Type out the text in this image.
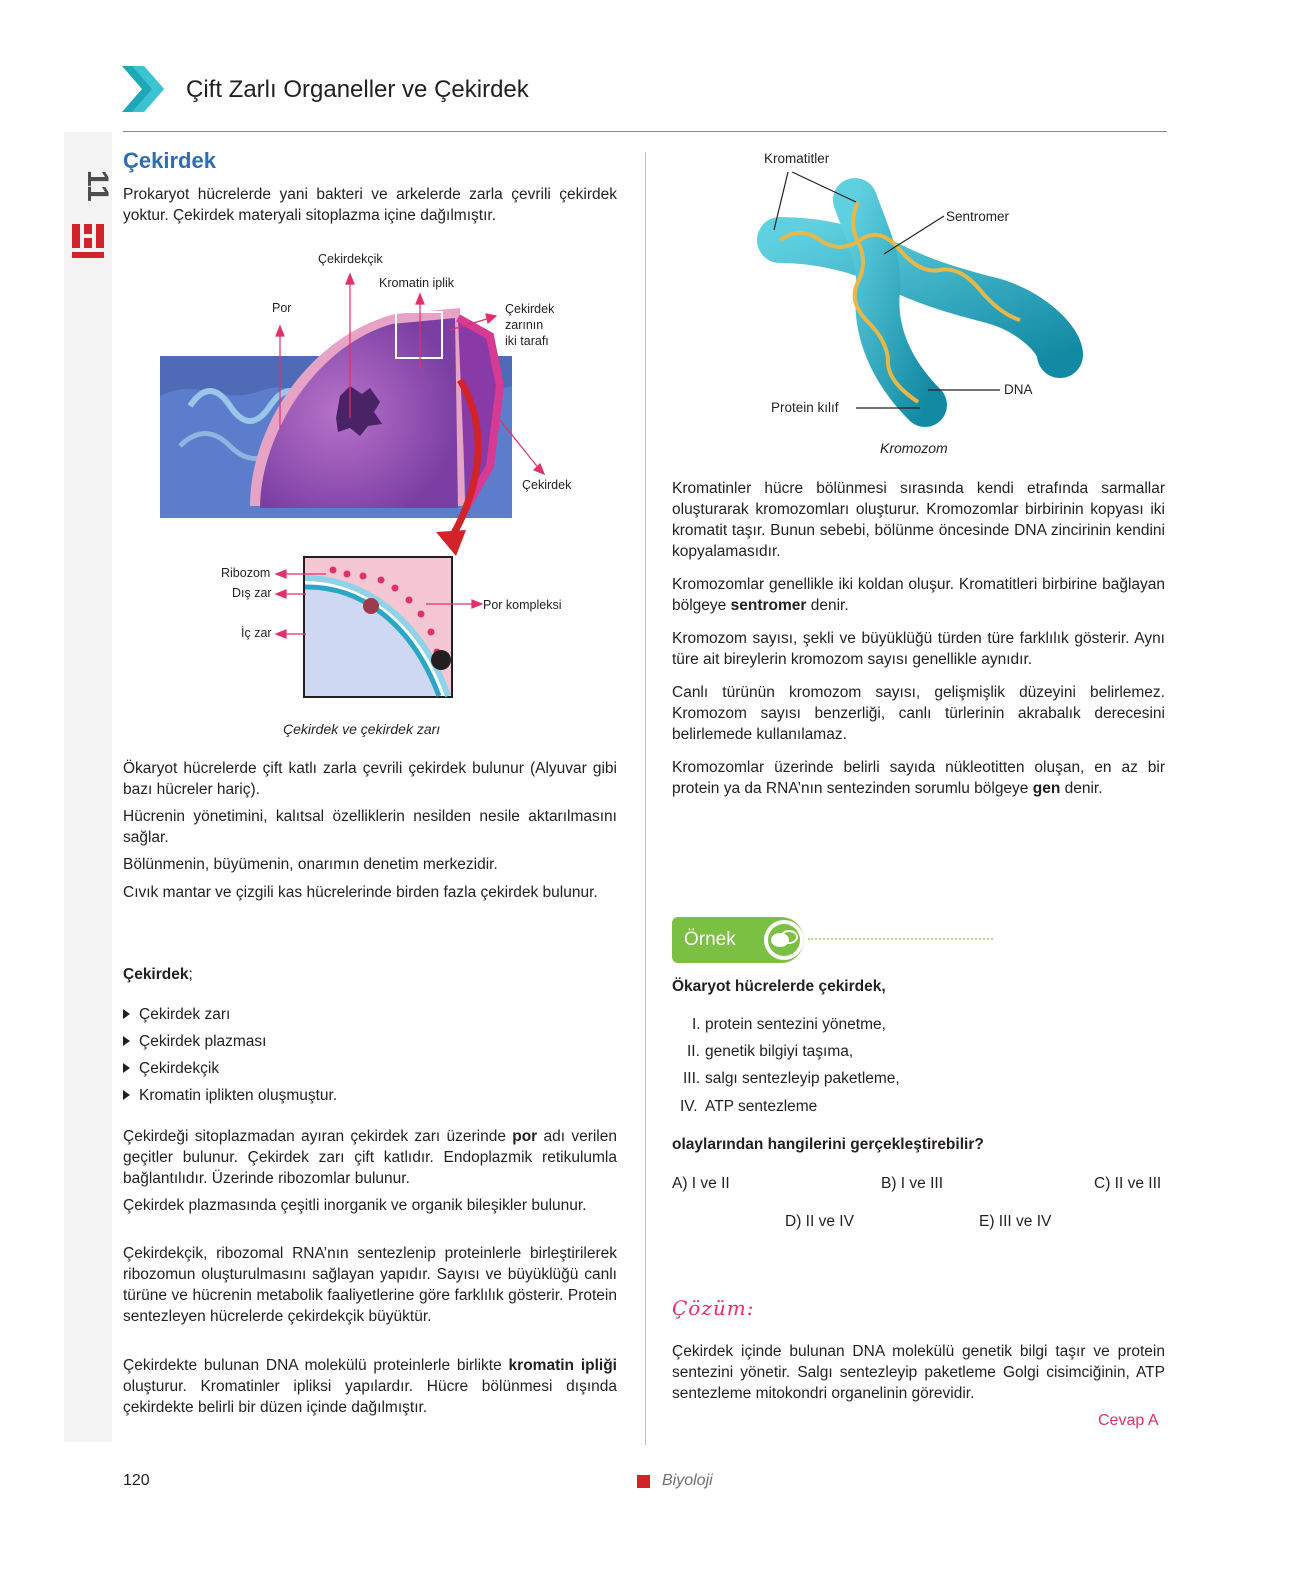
11
Çift Zarlı Organeller ve Çekirdek
Çekirdek

Prokaryot hücrelerde yani bakteri ve arkelerde zarla çevrili çekirdek yoktur. Çekirdek materyali sitoplazma içine dağılmıştır.

Çekirdekçik
Kromatin iplik
Por	Çekirdek
zarının
iki tarafı
Çekirdek
Ribozom
Dış zar
İç zar
Por kompleksi
Çekirdek ve çekirdek zarı

Ökaryot hücrelerde çift katlı zarla çevrili çekirdek bulunur (Alyuvar gibi bazı hücreler hariç).

Hücrenin yönetimini, kalıtsal özelliklerin nesilden nesile aktarılmasını sağlar.

Bölünmenin, büyümenin, onarımın denetim merkezidir.

Cıvık mantar ve çizgili kas hücrelerinde birden fazla çekirdek bulunur.

Çekirdek;
Çekirdek zarı
Çekirdek plazması
Çekirdekçik
Kromatin iplikten oluşmuştur.

Çekirdeği sitoplazmadan ayıran çekirdek zarı üzerinde por adı verilen geçitler bulunur. Çekirdek zarı çift katlıdır. Endoplazmik retikulumla bağlantılıdır. Üzerinde ribozomlar bulunur.

Çekirdek plazmasında çeşitli inorganik ve organik bileşikler bulunur.

Çekirdekçik, ribozomal RNA’nın sentezlenip proteinlerle birleştirilerek ribozomun oluşturulmasını sağlayan yapıdır. Sayısı ve büyüklüğü canlı türüne ve hücrenin metabolik faaliyetlerine göre farklılık gösterir. Protein sentezleyen hücrelerde çekirdekçik büyüktür.

Çekirdekte bulunan DNA molekülü proteinlerle birlikte kromatin ipliği oluşturur. Kromatinler ipliksi yapılardır. Hücre bölünmesi dışında çekirdekte belirli bir düzen içinde dağılmıştır.

Kromatitler
Sentromer
DNA
Protein kılıf
Kromozom

Kromatinler hücre bölünmesi sırasında kendi etrafında sarmallar oluşturarak kromozomları oluşturur. Kromozomlar birbirinin kopyası iki kromatit taşır. Bunun sebebi, bölünme öncesinde DNA zincirinin kendini kopyalamasıdır.

Kromozomlar genellikle iki koldan oluşur. Kromatitleri birbirine bağlayan bölgeye sentromer denir.

Kromozom sayısı, şekli ve büyüklüğü türden türe farklılık gösterir. Aynı türe ait bireylerin kromozom sayısı genellikle aynıdır.

Canlı türünün kromozom sayısı, gelişmişlik düzeyini belirlemez. Kromozom sayısı benzerliği, canlı türlerinin akrabalık derecesini belirlemede kullanılamaz.

Kromozomlar üzerinde belirli sayıda nükleotitten oluşan, en az bir protein ya da RNA’nın sentezinden sorumlu bölgeye gen denir.

Örnek
Ökaryot hücrelerde çekirdek,
I. protein sentezini yönetme,
II. genetik bilgiyi taşıma,
III. salgı sentezleyip paketleme,
IV. ATP sentezleme
olaylarından hangilerini gerçekleştirebilir?
A) I ve II	B) I ve III	C) II ve III
D) II ve IV	E) III ve IV
Çözüm:

Çekirdek içinde bulunan DNA molekülü genetik bilgi taşır ve protein sentezini yönetir. Salgı sentezleyip paketleme Golgi cisimciğinin, ATP sentezleme mitokondri organelinin görevidir.

Cevap A
120	Biyoloji
